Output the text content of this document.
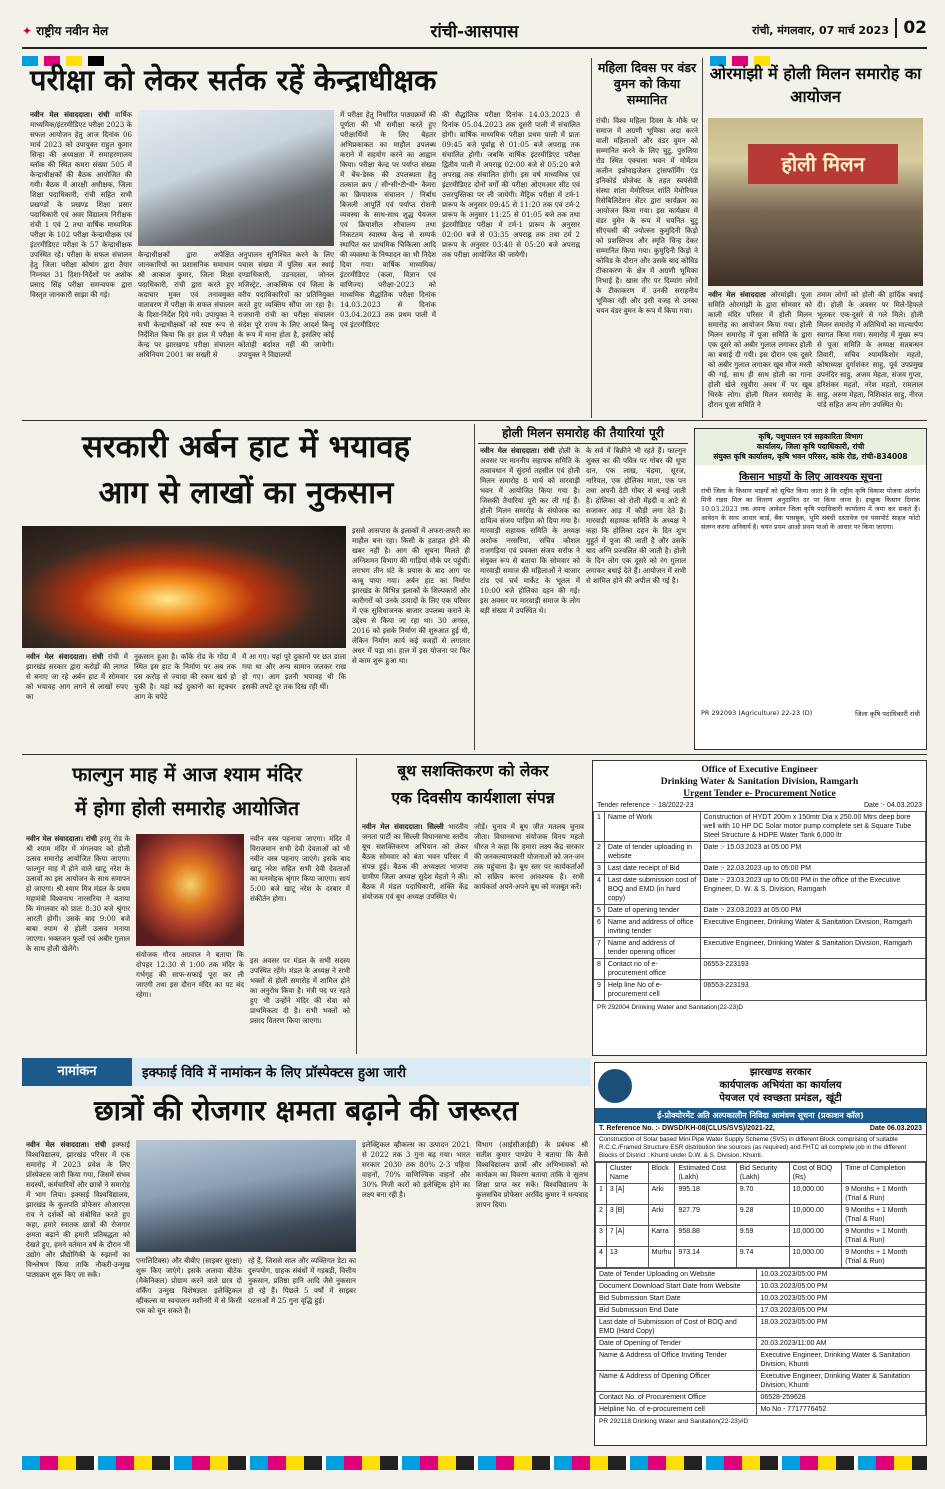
✦ राष्ट्रीय नवीन मेल	रांची-आसपास	रांची, मंगलवार, 07 मार्च 2023 02
परीक्षा को लेकर सर्तक रहें केन्द्राधीक्षक
नवीन मेल संवाददाता। रांची वार्षिक माध्यमिक/इंटरमीडिएट परीक्षा 2023 के सफल आयोजन हेतु आज दिनांक 06 मार्च 2023 को उपायुक्त राहुल कुमार सिन्हा की अध्यक्षता में समाहरणालय ब्लॉक की स्थित कमरा संख्या 505 में केन्द्राधीक्षकों की बैठक आयोजित की गयी। बैठक में आरक्षी अधीक्षक, जिला शिक्षा पदाधिकारी, रांची सहित सभी प्रखण्डों के प्रखण्ड शिक्षा प्रसार पदाधिकारी एवं अवर विद्यालय निरीक्षक रांची 1 एवं 2 तथा वार्षिक माध्यमिक परीक्षा के 102 परीक्षा केन्द्राधीक्षक एवं इंटरमीडिएट परीक्षा के 57 केन्द्राधीक्षक उपस्थित रहे। परीक्षा के सफल संचालन हेतु जिला परीक्षा कोषांग द्वारा तैयार निम्नवत 31 दिशा-निर्देशों पर अशोक प्रसाद सिंह परीक्षा समन्वयक द्वारा विस्तृत जानकारी साझा की गई।
केन्द्राधीक्षकों द्वारा अपेक्षित जानकारियों का प्रशासनिक समाधान श्री आकाश कुमार, जिला शिक्षा पदाधिकारी, रांची द्वारा करते हुए कदाचार मुक्त एवं तनावमुक्त वातावरण में परीक्षा के सफल संचालन के दिशा-निर्देश दिये गये। उपायुक्त ने सभी केन्द्राधीक्षकों को स्पष्ट रूप से निर्देशित किया कि हर हाल में परीक्षा केन्द्र पर झारखण्ड परीक्षा संचालन अधिनियम 2001 का सख्ती से
अनुपालन सुनिश्चित करने के लिए पचास संख्या में पुलिस बल स्थाई दण्डाधिकारी, उडनदस्ता, जोनल मजिस्ट्रेट, आकस्मिक एवं जिला के वरीय पदाधिकारियों का प्रतिनियुक्त करते हुए व्यक्तिय सौंपा जा रहा है। राजधानी रांची का परीक्षा संचालन संदेश पूरे राज्य के लिए आदर्श बिन्दु के रूप में माना होता है, इसलिए कोई कोताही बर्दाश्त नहीं की जायेगी। उपायुक्त ने विद्यालयों
में परीक्षा हेतु निर्धारित पाठ्यक्रमों की पूर्णता की भी समीक्षा करते हुए परीक्षार्थियों के लिए बेहतर अभिप्रकाकत का माहौल उपलब्ध कराने में सहयोग करने का आह्वान किया। परीक्षा केन्द्र पर पर्याप्त संख्या में बेंच-डेस्क की उपलब्धता हेतु तत्काल क्रय / सी॰सी॰टी॰वी॰ कैमरा का क्रियाशक संचालन / निर्बाध बिजली आपूर्ति एवं पर्याप्त रोशनी व्यवस्था के साथ-साथ शुद्ध पेयजल एवं क्रियाशील शौचालय तथा निकटतम स्वास्थ्य केन्द्र से सम्पर्क स्थापित कर प्राथमिक चिकित्सा आदि की व्यवस्था के निष्पादन का भी निदेश दिया गया। वार्षिक माध्यमिक/ इंटरमीडिएट (कला, विज्ञान एवं वाणिज्य) परीक्षा-2023 को माध्यमिक सैद्धांतिक परीक्षा दिनांक 14.03.2023 से दिनांक 03.04.2023 तक प्रथम पाली में एवं इंटरमीडिएट
की सैद्धांतिक परीक्षा दिनांक 14.03.2023 से दिनांक 05.04.2023 तक दूसरी पाली में संचालित होगी। वार्षिक माध्यमिक परीक्षा प्रथम पाली में प्रातः 09:45 बजे पूर्वाह्न से 01:05 बजे अपराह्न तक संचालित होगी। जबकि वार्षिक इंटरमीडिएट परीक्षा द्वितीय पाली में अपराह्न 02:00 बजे से 05:20 बजे अपराह्न तक संचालित होगी। इस वर्ष माध्यमिक एवं इंटरमीडिएट दोनों वर्गों की परीक्षा ओएमआर सीट एवं उत्तरपुस्तिका पर ली जायेगी। मैट्रिक परीक्षा में टर्म-1 प्रारूप के अनुसार 09:45 से 11:20 तक एवं टर्म-2 प्रारूप के अनुसार 11:25 से 01:05 बजे तक तथा इंटरमीडिएट परीक्षा में टर्म-1 प्रारूप के अनुसार 02:00 बजे से 03:35 अपराह्न तक तथा टर्म 2 प्रारूप के अनुसार 03:40 से 05:20 बजे अपराह्न तक परीक्षा आयोजित की जायेगी।
महिला दिवस पर वंडर वुमन को किया सम्मानित
रांची। विश्व महिला दिवस के मौके पर समाज में अग्रणी भूमिका अदा करने वाली महिलाओं और वंडर वुमन को सम्मानित करने के लिए चुटु, पुरुलिया रोड स्थित एक्चला भवन में मोमेंटम कलीन इन्नोवाइजेशन ट्रांसफॉर्मिंग एंड इनिकोर्ड प्रोजेक्ट के तहत स्वयंसेवी संस्था शांता मेमोरियल शांति मेमोरियल रिसेबिलिटेशन सेंटर द्वारा कार्यक्रम का आयोजन किया गया। इस कार्यक्रम में वंडर वुमेन के रूप में चयनित चुटु सीएचसी की ज्योत्स्ना कुमुदिनी किड़ो को प्रशस्तिपत्र और स्मृति चिन्ह देकर सम्मानित किया गया। कुमुदिनी किड़ो ने कोविड के दौरान और उसके बाद कोविड टीकाकरण के क्षेत्र में अग्रणी भूमिका निभाई है। खास तौर पर दिव्यांग लोगों के टीकाकरण में उनकी सराहनीय भूमिका रही और इसी वजह से उनका चयन वंडर वुमन के रूप में किया गया।
ओरमांझी में होली मिलन समारोह का आयोजन
होली मिलन
नवीन मेल संवाददाता ओरमांझी। पूजा समिति ओरमांझी के द्वारा सोमवार को काली मंदिर परिसर में होली मिलन समारोह का आयोजन किया गया। होली मिलन समारोह में पूजा समिति के द्वारा एक दूसरे को अबीर गुलाल लगाकर होली का बधाई दी गयी। इस दौरान एक दूसरे को अबीर गुलाल लगाकर खूब मौज मस्ती की गई, साथ ही साथ होली का गाना होली खेले रघुवीरा अवध में पर खूब थिरके लोग। होली मिलन समारोह के दौरान पूजा समिति ने
तमाम लोगों को होली की हार्दिक बधाई दी। होली के अवसर पर मिले-हिफले भूलकर एक-दूसरे से गले मिले। होली मिलन समारोह में अतिथियों का माल्यार्पण स्वागत किया गया। समारोह में मुख्य रूप से पूजा समिति के अध्यक्ष सतबन्धन तिवारी, सचिव श्यामकिशोर महतो, कोषाध्यक्ष दुर्गाशंकर साहु, पूर्व उपप्रमुख उपनंदिर साहु, अजय मेहता, संजय गुप्ता, हरिशंकर महतो, नरेश महतो, रामलाल साहु, अरुण मेहता, निशिकांत साहु, नीरज पांडे सहित अन्य लोग उपस्थित थे।
सरकारी अर्बन हाट में भयावह
आग से लाखों का नुकसान
नवीन मेल संवाददाता। रांची रांची में झारखंड सरकार द्वारा करोड़ों की लागत से बनाए जा रहे अर्बन हाट में सोमवार को भयावह आग लगने से लाखों रुपए का
नुकसान हुआ है। काँके रोड के गोंदा में स्थित इस हाट के निर्माण पर अब तक दस करोड़ से ज्यादा की रकम खर्च हो चुकी है। यहां कई दुकानों का स्ट्रक्चर आग के चपेटे
में आ गए। यहां पूरे दुकानों पर छत डाला गया था और अन्य सामान जलकर राख हो गए। आग इतनी भयावह थी कि इसकी लपटें दूर तक दिख रही थीं।
इससे आसपास के इलाकों में अफरा-तफरी का माहौल बना रहा। किसी के हताहत होने की खबर नहीं है। आग की सूचना मिलते ही अग्निशमन विभाग की गाड़ियां मौके पर पहुंचीं। लगभग तीन घंटे के प्रयास के बाद आग पर काबू पाया गया। अर्बन हाट का निर्माण झारखंड के विभिन्न इलाकों के शिल्पकारों और कारीगरों को उनके उत्पादों के लिए एक परिसर में एक सुविधाजनक बाजार उपलब्ध कराने के उद्देश्य से किया जा रहा था। 30 अगस्त, 2016 को इसके निर्माण की शुरुआत हुई थी, लेकिन निर्माण कार्य कई वजहों से लगातार अधर में पड़ा था। हाल में इस योजना पर फिर से काम शुरू हुआ था।
होली मिलन समारोह की तैयारियां पूरी
नवीन मेल संवाददाता। रांची होली के अवसर पर माननीय सहायक समिति के तत्वावधान में सुंदर्मा तहसील एवं होली मिलन समारोह 8 मार्च को मारवाड़ी भवन में आयोजित किया गया है। जिसकी तैयारियां पूरी कर ली गई हैं। होली मिलन समारोह के संयोजक का दायित्व संजय पाड़िया को दिया गया है। मारवाड़ी सहायक समिति के अध्यक्ष अशोक नरसरिया, सचिव कौशल राजगड़िया एवं प्रवक्ता संजय सर्राफ ने संयुक्त रूप से बताया कि सोमवार को मारवाड़ी समाज की महिलाओं ने बाजार टांड एवं चर्च मार्केट के भूतल में 10:00 बजे होलिका दहन की गई। इस अवसर पर मारवाड़ी समाज के लोग बड़ी संख्या में उपस्थित थे।
के सर्व में बिक्रीने भी रहते हैं। फाल्गुन शुक्ल का की पवित्र पर गोबर की धूपा दान, एक लाख, चंद्रमा, सूरज, नारियल, एक होलिका माता, एक पन तथा अपनी देटी गोबर से बनाई जाती है। होलिका को रोली मेंहदी व आटे से सजाकर आड़ में कौड़ी लगा देते हैं। मारवाड़ी सहायक समिति के अध्यक्ष ने कहा कि होलिका दहन के दिन शुभ मुहूर्त में पूजा की जाती है और उसके बाद अग्नि प्रज्वलित की जाती है। होली के दिन लोग एक दूसरे को रंग गुलाल लगाकर बधाई देते हैं। आयोजन में सभी से शामिल होने की अपील की गई है।
कृषि, पशुपालन एवं सहकारिता विभाग
कार्यालय, जिला कृषि पदाधिकारी, रांची
संयुक्त कृषि कार्यालय, कृषि भवन परिसर, कांके रोड, रांची-834008
किसान भाइयों के लिए आवश्यक सूचना
रांची जिला के किसान भाइयों को सूचित किया जाता है कि राष्ट्रीय कृषि विकास योजना अंतर्गत मिनी राइस मिल का वितरण अनुदानित दर पर किया जाना है। इच्छुक किसान दिनांक 10.03.2023 तक अपना आवेदन जिला कृषि पदाधिकारी कार्यालय में जमा कर सकते हैं। आवेदन के साथ आधार कार्ड, बैंक पासबुक, भूमि संबंधी दस्तावेज एवं पासपोर्ट साइज फोटो संलग्न करना अनिवार्य है। चयन प्रथम आओ प्रथम पाओ के आधार पर किया जाएगा।
PR 292093 (Agriculture) 22-23 (D)	जिला कृषि पदाधिकारी रांची
फाल्गुन माह में आज श्याम मंदिर
में होगा होली समारोह आयोजित
नवीन मेल संवाददाता। रांची हरमू रोड के श्री श्याम मंदिर में मंगलवार को होली उत्सव समारोह आयोजित किया जाएगा। फाल्गुन माह में होने वाले खाटू नरेश के उत्सवों का इस आयोजन के साथ समापन हो जाएगा। श्री श्याम मित्र मंडल के प्रथम महामंत्री विश्वनाथ नारसरिया ने बताया कि मंगलवार को प्रातः 8:30 बजे श्रृंगार आरती होगी। उसके बाद 9:00 बजे बाबा श्याम से होली उत्सव मनाया जाएगा। भक्तजन फूलों एवं अबीर गुलाल के साथ होली खेलेंगे।
संयोजक गौरव अग्रवाल ने बताया कि दोपहर 12:30 से 1:00 तक मंदिर के गर्भगृह की साफ-सफाई पूरा कर ली जाएगी तथा इस दौरान मंदिर का पट बंद रहेगा।
नवीन वस्त्र पहनाया जाएगा। मंदिर में विराजमान सभी देवी देवताओं को भी नवीन वस्त्र पहनाए जाएंगे। इसके बाद खाटू नरेश सहित सभी देवी देवताओं का मनमोहक श्रृंगार किया जाएगा। सायं 5:00 बजे खाटू नरेश के दरबार में संकीर्तन होगा।
इस अवसर पर मंडल के सभी सदस्य उपस्थित रहेंगे। मंडल के अध्यक्ष ने सभी भक्तों से होली समारोह में शामिल होने का अनुरोध किया है। मंत्री पद पर रहते हुए भी उन्होंने मंदिर की सेवा को प्राथमिकता दी है। सभी भक्तों को प्रसाद वितरण किया जाएगा।
बूथ सशक्तिकरण को लेकर
एक दिवसीय कार्यशाला संपन्न
नवीन मेल संवाददाता। सिल्ली भारतीय जनता पार्टी का सिल्ली विधानसभा स्तरीय बूथ सशक्तिकरण अभियान को लेकर बैठक सोमवार को बंता भवन परिसर में संपन्न हुई। बैठक की अध्यक्षता भाजपा ग्रामीण जिला अध्यक्ष सुदेश मेहतो ने की। बैठक में मंडल पदाधिकारी, शक्ति केंद्र संयोजक एवं बूथ अध्यक्ष उपस्थित थे।
जोड़ें। चुनाव में बूथ जीत मतलब चुनाव जीता। विधानसभा संयोजक विनय महतो धीरज ने कहा कि हमारा लक्ष्य केंद्र सरकार की जनकल्याणकारी योजनाओं को जन-जन तक पहुंचाना है। बूथ स्तर पर कार्यकर्ताओं को सक्रिय करना आवश्यक है। सभी कार्यकर्ता अपने-अपने बूथ को मजबूत करें।
Office of Executive Engineer
Drinking Water & Sanitation Division, Ramgarh
Urgent Tender e- Procurement Notice
Tender reference :- 18/2022-23	Date :- 04.03.2023
1	Name of Work	Construction of HYDT 200m x 150mtr Dia x 250.00 Mtrs deep bore well with 10 HP DC Solar motor pump complete set & Square Tube Steel Structure & HDPE Water Tank 6,000 ltr
2	Date of tender uploading in website	Date :- 15.03.2023 at 05:00 PM
3	Last date receipt of Bid	Date :- 22.03.2023 up to 05:00 PM
4	Last date submission cost of BOQ and EMD (in hard copy)	Date :- 23.03.2023 up to 05:00 PM in the office of the Executive Engineer, D. W. & S. Division, Ramgarh
5	Date of opening tender	Date :- 23.03.2023 at 05:00 PM
6	Name and address of office inviting tender	Executive Engineer, Drinking Water & Sanitation Division, Ramgarh
7	Name and address of tender opening officer	Executive Engineer, Drinking Water & Sanitation Division, Ramgarh
8	Contact no of e-procurement office	06553-223193
9	Help line No of e-procurement cell	06553-223193
PR 292004 Drinking Water and Sanitation(22-23)D
नामांकन	इक्फाई विवि में नामांकन के लिए प्रॉस्पेक्टस हुआ जारी
छात्रों की रोजगार क्षमता बढ़ाने की जरूरत
नवीन मेल संवाददाता। रांची इक्फाई विश्वविद्यालय, झारखंड परिसर में एक समारोह में 2023 प्रवेश के लिए प्रॉस्पेक्टस जारी किया गया, जिसमें संभव सदस्यों, कर्मचारियों और छात्रों ने समारोह में भाग लिया। इक्फाई विश्वविद्यालय, झारखंड के कुलपति प्रोफेसर ओआरएस राव ने दर्शकों को संबोधित करते हुए कहा, हमारे स्नातक छात्रों की रोजगार क्षमता बढ़ाने की हमारी प्रतिबद्धता को देखते हुए, हमने वर्तमान वर्ष के दौरान भी उद्योग और प्रौद्योगिकी के रुझानों का विश्लेषण किया ताकि नौकरी-उन्मुख पाठ्यक्रम शुरू किए जा सकें।
एनालिटिक्स) और बीबीए (साइबर सुरक्षा) शुरू किए जाएंगे। इसके अलावा बीटेक (मैकेनिकल) प्रोग्राम करने वाले छात्र दो वर्किंग उन्मुख विशेषज्ञता इलेक्ट्रिकल व्हीकल्स या स्वचालन मशीनरी में से किसी एक को चुन सकते हैं।
रहे हैं, जिससे साल और व्यक्तिगत डेटा का दुरुपयोग, ग्राहक संबंधों में गड़बड़ी, वित्तीय नुकसान, प्रतिष्ठा हानि आदि जैसे नुकसान हो रहे हैं। पिछले 5 वर्षों में साइबर घटनाओं में 25 गुना वृद्धि हुई।
इलेक्ट्रिकल व्हीकल्स का उत्पादन 2021 से 2022 तक 3 गुना बढ़ गया। भारत सरकार 2030 तक 80% 2-3 पहिया वाहनों, 70% वाणिज्यिक वाहनों और 30% निजी कारों को इलेक्ट्रिक होने का लक्ष्य बना रही है।
विभाग (आईसीआईडी) के प्रबंधक श्री सतीश कुमार पाण्डेय ने बताया कि कैसे विश्वविद्यालय छात्रों और अभिभावकों को कार्यक्रम का विवरण बताया ताकि वे सुलभ शिक्षा प्राप्त कर सकें। विश्वविद्यालय के कुलसचिव प्रोफेसर अरविंद कुमार ने धन्यवाद ज्ञापन दिया।
झारखण्ड सरकार
कार्यपालक अभियंता का कार्यालय
पेयजल एवं स्वच्छता प्रमंडल, खूंटी
ई-प्रोक्योरमेंट अति अल्पकालीन निविदा आमंत्रण सूचना (प्रकाशन कॉल)
T. Reference No. :- DWSD/KH-08(CLUS/SVS)/2021-22,	Date 06.03.2023
Construction of Solar based Mini Pipe Water Supply Scheme (SVS) in different Block comprising of suitable R.C.C./Framed Structure ESR distribution line sources (as required) and FHTC all complete job in the different Blocks of District : Khunti under D.W. & S. Division, Khunti.
	Cluster Name	Block	Estimated Cost (Lakh)	Bid Security (Lakh)	Cost of BOQ (Rs)	Time of Completion
1	3 [A]	Arki	995.18	9.70	10,000.00	9 Months + 1 Month (Trial & Run)
2	3 [B]	Arki	927.79	9.28	10,000.00	9 Months + 1 Month (Trial & Run)
3	7 [A]	Karra	958.88	9.59	10,000.00	9 Months + 1 Month (Trial & Run)
4	13	Murhu	973.14	9.74	10,000.00	9 Months + 1 Month (Trial & Run)
Date of Tender Uploading on Website	10.03.2023/05:00 PM
Document Download Start Date from Website	10.03.2023/05:00 PM
Bid Submission Start Date	10.03.2023/05:00 PM
Bid Submission End Date	17.03.2023/05:00 PM
Last date of Submission of Cost of BOQ and EMD (Hard Copy)	18.03.2023/05:00 PM
Date of Opening of Tender	20.03.2023/11:00 AM
Name & Address of Office Inviting Tender	Executive Engineer, Drinking Water & Sanitation Division, Khunti
Name & Address of Opening Officer	Executive Engineer, Drinking Water & Sanitation Division, Khunti
Contact No. of Procurement Office	06528-259628
Helpline No. of e-procurement cell	Mo No - 7717776452
PR 292118 Drinking Water and Sanitation(22-23)#D
